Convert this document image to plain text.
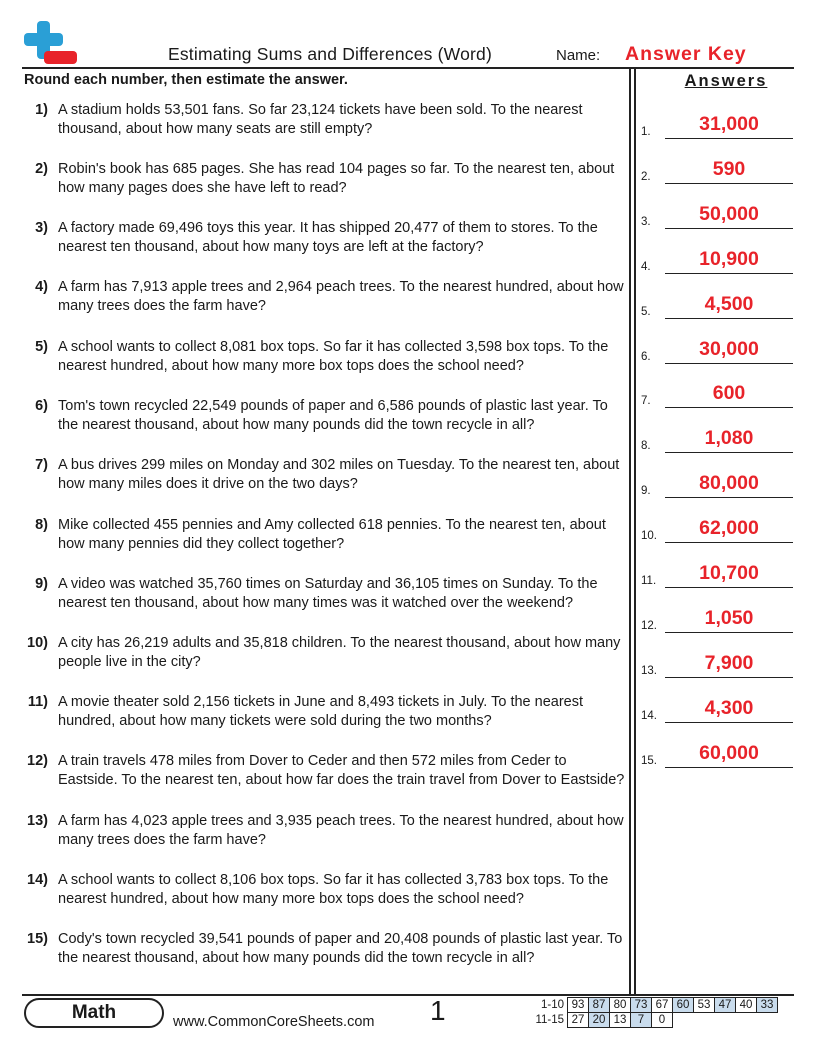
Estimating Sums and Differences (Word)	Name: Answer Key
Round each number, then estimate the answer.	Answers
1) A stadium holds 53,501 fans. So far 23,124 tickets have been sold. To the nearest thousand, about how many seats are still empty?
2) Robin's book has 685 pages. She has read 104 pages so far. To the nearest ten, about how many pages does she have left to read?
3) A factory made 69,496 toys this year. It has shipped 20,477 of them to stores. To the nearest ten thousand, about how many toys are left at the factory?
4) A farm has 7,913 apple trees and 2,964 peach trees. To the nearest hundred, about how many trees does the farm have?
5) A school wants to collect 8,081 box tops. So far it has collected 3,598 box tops. To the nearest hundred, about how many more box tops does the school need?
6) Tom's town recycled 22,549 pounds of paper and 6,586 pounds of plastic last year. To the nearest thousand, about how many pounds did the town recycle in all?
7) A bus drives 299 miles on Monday and 302 miles on Tuesday. To the nearest ten, about how many miles does it drive on the two days?
8) Mike collected 455 pennies and Amy collected 618 pennies. To the nearest ten, about how many pennies did they collect together?
9) A video was watched 35,760 times on Saturday and 36,105 times on Sunday. To the nearest ten thousand, about how many times was it watched over the weekend?
10) A city has 26,219 adults and 35,818 children. To the nearest thousand, about how many people live in the city?
11) A movie theater sold 2,156 tickets in June and 8,493 tickets in July. To the nearest hundred, about how many tickets were sold during the two months?
12) A train travels 478 miles from Dover to Ceder and then 572 miles from Ceder to Eastside. To the nearest ten, about how far does the train travel from Dover to Eastside?
13) A farm has 4,023 apple trees and 3,935 peach trees. To the nearest hundred, about how many trees does the farm have?
14) A school wants to collect 8,106 box tops. So far it has collected 3,783 box tops. To the nearest hundred, about how many more box tops does the school need?
15) Cody's town recycled 39,541 pounds of paper and 20,408 pounds of plastic last year. To the nearest thousand, about how many pounds did the town recycle in all?
1.	31,000
2.	590
3.	50,000
4.	10,900
5.	4,500
6.	30,000
7.	600
8.	1,080
9.	80,000
10.	62,000
11.	10,700
12.	1,050
13.	7,900
14.	4,300
15.	60,000
Math	www.CommonCoreSheets.com 1	1-10	93	87	80	73	67	60	53	47	40	33
11-15	27	20	13	7	0					
